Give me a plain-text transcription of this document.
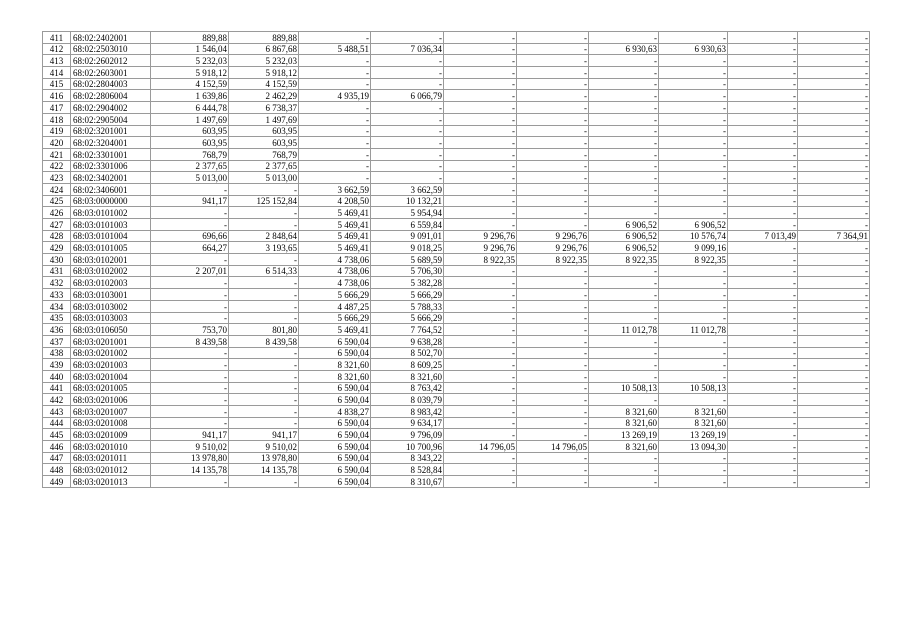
411	68:02:2402001	889,88	889,88	-	-	-	-	-	-	-	-
412	68:02:2503010	1 546,04	6 867,68	5 488,51	7 036,34	-	-	6 930,63	6 930,63	-	-
413	68:02:2602012	5 232,03	5 232,03	-	-	-	-	-	-	-	-
414	68:02:2603001	5 918,12	5 918,12	-	-	-	-	-	-	-	-
415	68:02:2804003	4 152,59	4 152,59	-	-	-	-	-	-	-	-
416	68:02:2806004	1 639,86	2 462,29	4 935,19	6 066,79	-	-	-	-	-	-
417	68:02:2904002	6 444,78	6 738,37	-	-	-	-	-	-	-	-
418	68:02:2905004	1 497,69	1 497,69	-	-	-	-	-	-	-	-
419	68:02:3201001	603,95	603,95	-	-	-	-	-	-	-	-
420	68:02:3204001	603,95	603,95	-	-	-	-	-	-	-	-
421	68:02:3301001	768,79	768,79	-	-	-	-	-	-	-	-
422	68:02:3301006	2 377,65	2 377,65	-	-	-	-	-	-	-	-
423	68:02:3402001	5 013,00	5 013,00	-	-	-	-	-	-	-	-
424	68:02:3406001	-	-	3 662,59	3 662,59	-	-	-	-	-	-
425	68:03:0000000	941,17	125 152,84	4 208,50	10 132,21	-	-	-	-	-	-
426	68:03:0101002	-	-	5 469,41	5 954,94	-	-	-	-	-	-
427	68:03:0101003	-	-	5 469,41	6 559,84	-	-	6 906,52	6 906,52	-	-
428	68:03:0101004	696,66	2 848,64	5 469,41	9 091,01	9 296,76	9 296,76	6 906,52	10 576,74	7 013,49	7 364,91
429	68:03:0101005	664,27	3 193,65	5 469,41	9 018,25	9 296,76	9 296,76	6 906,52	9 099,16	-	-
430	68:03:0102001	-	-	4 738,06	5 689,59	8 922,35	8 922,35	8 922,35	8 922,35	-	-
431	68:03:0102002	2 207,01	6 514,33	4 738,06	5 706,30	-	-	-	-	-	-
432	68:03:0102003	-	-	4 738,06	5 382,28	-	-	-	-	-	-
433	68:03:0103001	-	-	5 666,29	5 666,29	-	-	-	-	-	-
434	68:03:0103002	-	-	4 487,25	5 788,33	-	-	-	-	-	-
435	68:03:0103003	-	-	5 666,29	5 666,29	-	-	-	-	-	-
436	68:03:0106050	753,70	801,80	5 469,41	7 764,52	-	-	11 012,78	11 012,78	-	-
437	68:03:0201001	8 439,58	8 439,58	6 590,04	9 638,28	-	-	-	-	-	-
438	68:03:0201002	-	-	6 590,04	8 502,70	-	-	-	-	-	-
439	68:03:0201003	-	-	8 321,60	8 609,25	-	-	-	-	-	-
440	68:03:0201004	-	-	8 321,60	8 321,60	-	-	-	-	-	-
441	68:03:0201005	-	-	6 590,04	8 763,42	-	-	10 508,13	10 508,13	-	-
442	68:03:0201006	-	-	6 590,04	8 039,79	-	-	-	-	-	-
443	68:03:0201007	-	-	4 838,27	8 983,42	-	-	8 321,60	8 321,60	-	-
444	68:03:0201008	-	-	6 590,04	9 634,17	-	-	8 321,60	8 321,60	-	-
445	68:03:0201009	941,17	941,17	6 590,04	9 796,09	-	-	13 269,19	13 269,19	-	-
446	68:03:0201010	9 510,02	9 510,02	6 590,04	10 700,96	14 796,05	14 796,05	8 321,60	13 094,30	-	-
447	68:03:0201011	13 978,80	13 978,80	6 590,04	8 343,22	-	-	-	-	-	-
448	68:03:0201012	14 135,78	14 135,78	6 590,04	8 528,84	-	-	-	-	-	-
449	68:03:0201013	-	-	6 590,04	8 310,67	-	-	-	-	-	-
